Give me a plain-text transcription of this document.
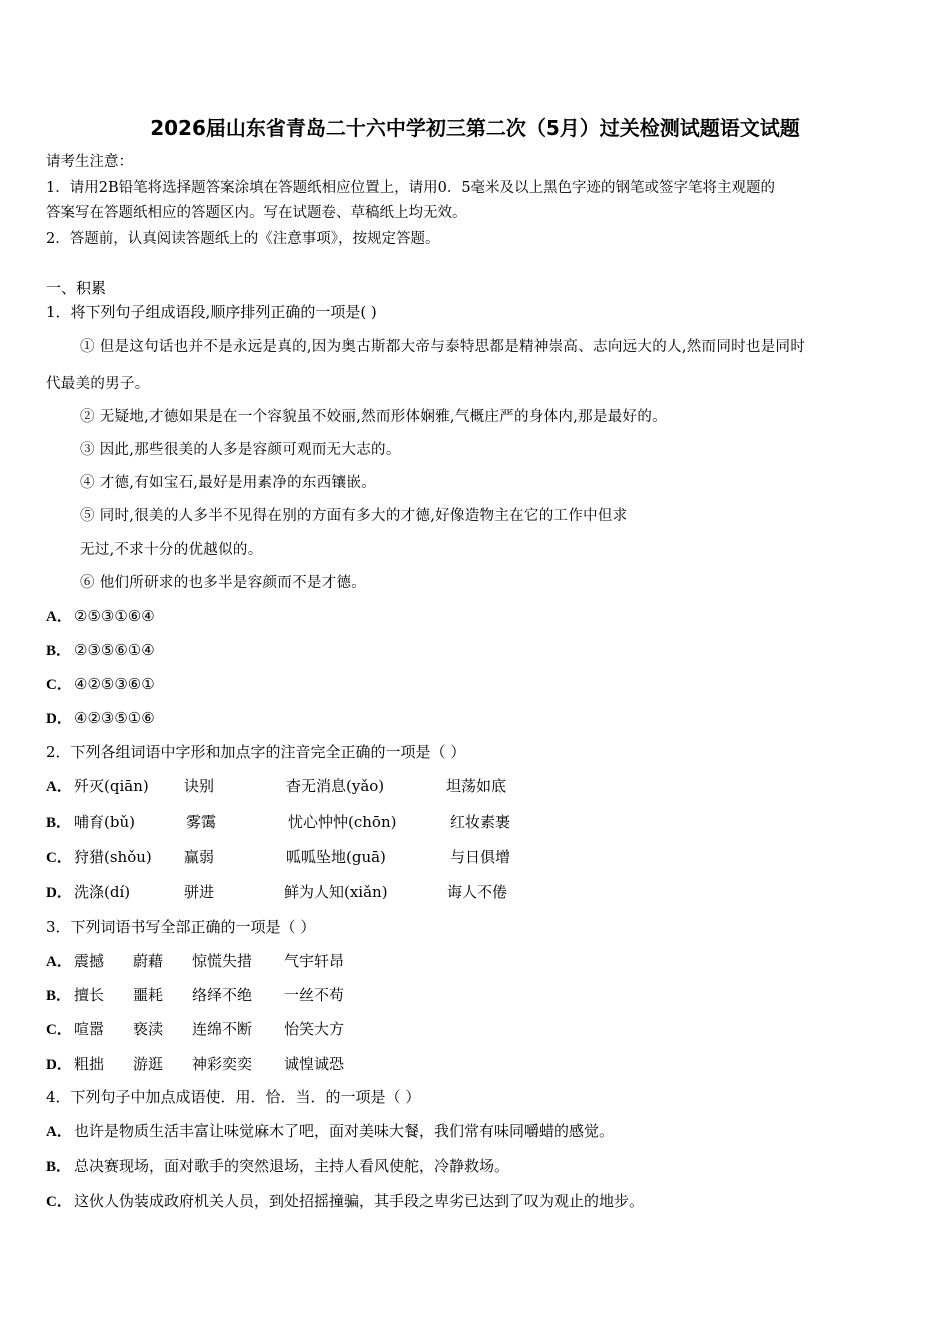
2026届山东省青岛二十六中学初三第二次（5月）过关检测试题语文试题
请考生注意：
1．请用2B铅笔将选择题答案涂填在答题纸相应位置上，请用0．5毫米及以上黑色字迹的钢笔或签字笔将主观题的
答案写在答题纸相应的答题区内。写在试题卷、草稿纸上均无效。
2．答题前，认真阅读答题纸上的《注意事项》，按规定答题。
一、积累
1．将下列句子组成语段,顺序排列正确的一项是( )
① 但是这句话也并不是永远是真的,因为奥古斯都大帝与泰特思都是精神崇高、志向远大的人,然而同时也是同时
代最美的男子。
② 无疑地,才德如果是在一个容貌虽不姣丽,然而形体娴雅,气概庄严的身体内,那是最好的。
③ 因此,那些很美的人多是容颜可观而无大志的。
④ 才德,有如宝石,最好是用素净的东西镶嵌。
⑤ 同时,很美的人多半不见得在别的方面有多大的才德,好像造物主在它的工作中但求
无过,不求十分的优越似的。
⑥ 他们所研求的也多半是容颜而不是才德。
A． ②⑤③①⑥④
B． ②③⑤⑥①④
C． ④②⑤③⑥①
D． ④②③⑤①⑥
2．下列各组词语中字形和加点字的注音完全正确的一项是（ ）
A． 歼灭(qiān) 诀别	杳无消息(yǎo)	坦荡如底
B． 哺育(bǔ)	雾霭	忧心忡忡(chōn)	红妆素裹
C． 狩猎(shǒu) 赢弱	呱呱坠地(guā)	与日俱增
D． 洗涤(dí)	骈进	鲜为人知(xiǎn)	诲人不倦
3．下列词语书写全部正确的一项是（ ）
A． 震撼 蔚藉 惊慌失措 气宇轩昂
B． 擅长 噩耗 络绎不绝 一丝不苟
C． 喧嚣 亵渎 连绵不断 怡笑大方
D． 粗拙 游逛 神彩奕奕 诚惶诚恐
4．下列句子中加点成语使．用．恰．当．的一项是（ ）
A． 也许是物质生活丰富让味觉麻木了吧，面对美味大餐，我们常有味同嚼蜡的感觉。
B． 总决赛现场，面对歌手的突然退场，主持人看风使舵，冷静救场。
C． 这伙人伪装成政府机关人员，到处招摇撞骗，其手段之卑劣已达到了叹为观止的地步。
